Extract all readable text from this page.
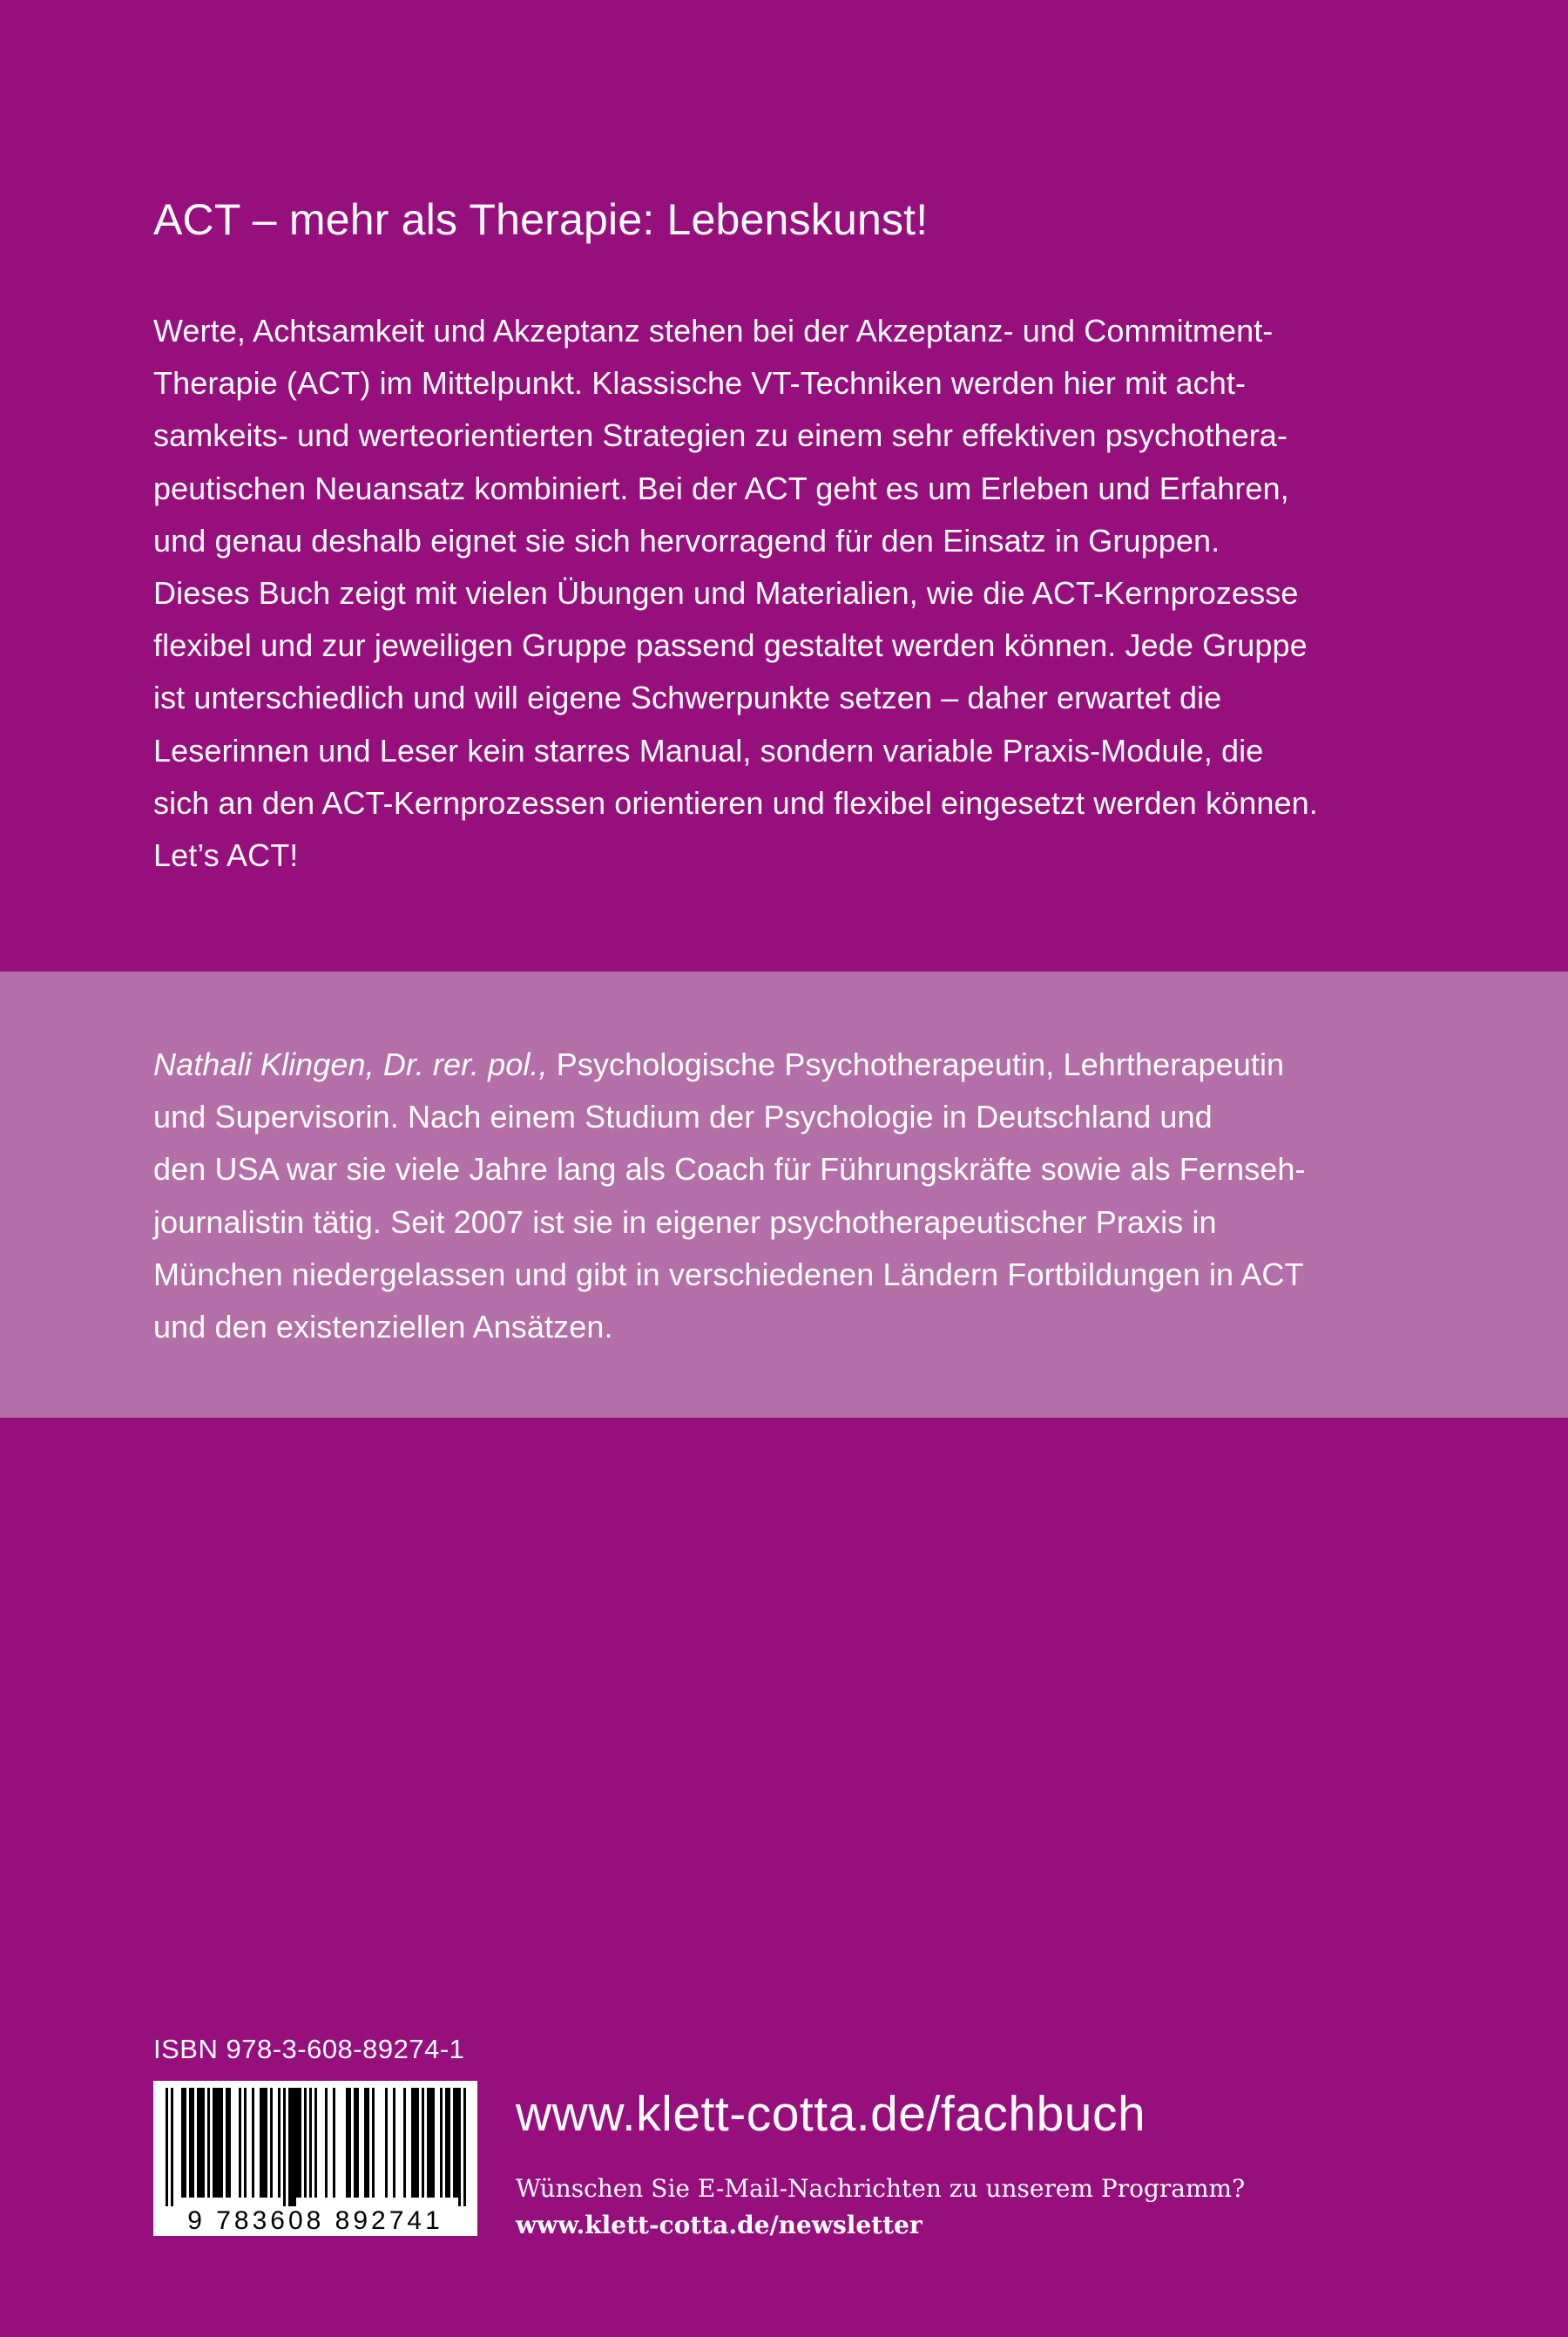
ACT – mehr als Therapie: Lebenskunst!
Werte, Achtsamkeit und Akzeptanz stehen bei der Akzeptanz- und Commitment-
Therapie (ACT) im Mittelpunkt. Klassische VT-Techniken werden hier mit acht-
samkeits- und werteorientierten Strategien zu einem sehr effektiven psychothera-
peutischen Neuansatz kombiniert. Bei der ACT geht es um Erleben und Erfahren,
und genau deshalb eignet sie sich hervorragend für den Einsatz in Gruppen.
Dieses Buch zeigt mit vielen Übungen und Materialien, wie die ACT-Kernprozesse
flexibel und zur jeweiligen Gruppe passend gestaltet werden können. Jede Gruppe
ist unterschiedlich und will eigene Schwerpunkte setzen – daher erwartet die
Leserinnen und Leser kein starres Manual, sondern variable Praxis-Module, die
sich an den ACT-Kernprozessen orientieren und flexibel eingesetzt werden können.
Let’s ACT!
Nathali Klingen, Dr. rer. pol., Psychologische Psychotherapeutin, Lehrtherapeutin
und Supervisorin. Nach einem Studium der Psychologie in Deutschland und
den USA war sie viele Jahre lang als Coach für Führungskräfte sowie als Fernseh-
journalistin tätig. Seit 2007 ist sie in eigener psychotherapeutischer Praxis in
München niedergelassen und gibt in verschiedenen Ländern Fortbildungen in ACT
und den existenziellen Ansätzen.
ISBN 978-3-608-89274-1
9 783608 892741
www.klett-cotta.de/fachbuch
Wünschen Sie E-Mail-Nachrichten zu unserem Programm?
www.klett-cotta.de/newsletter
